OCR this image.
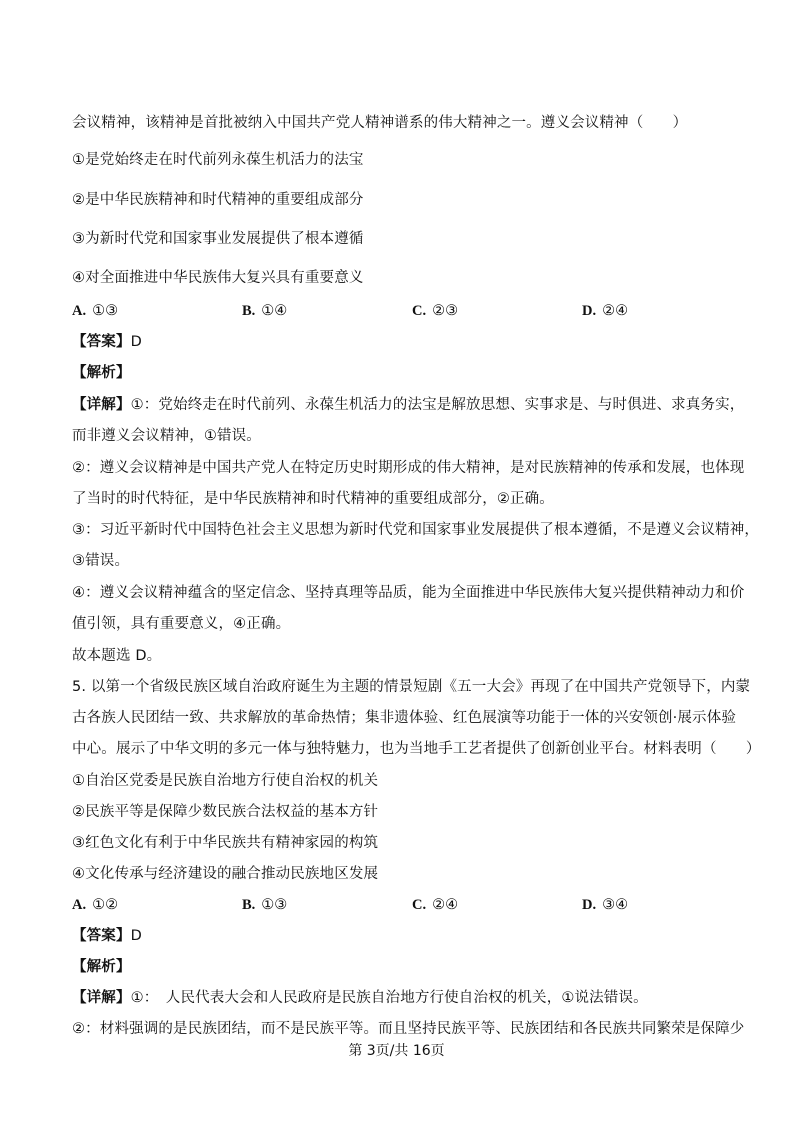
会议精神，该精神是首批被纳入中国共产党人精神谱系的伟大精神之一。遵义会议精神（　　）
①是党始终走在时代前列永葆生机活力的法宝
②是中华民族精神和时代精神的重要组成部分
③为新时代党和国家事业发展提供了根本遵循
④对全面推进中华民族伟大复兴具有重要意义
A. ①③	B. ①④	C. ②③	D. ②④
【答案】D
【解析】
【详解】①：党始终走在时代前列、永葆生机活力的法宝是解放思想、实事求是、与时俱进、求真务实，
而非遵义会议精神，①错误。
②：遵义会议精神是中国共产党人在特定历史时期形成的伟大精神，是对民族精神的传承和发展，也体现
了当时的时代特征，是中华民族精神和时代精神的重要组成部分，②正确。
③：习近平新时代中国特色社会主义思想为新时代党和国家事业发展提供了根本遵循，不是遵义会议精神，
③错误。
④：遵义会议精神蕴含的坚定信念、坚持真理等品质，能为全面推进中华民族伟大复兴提供精神动力和价
值引领，具有重要意义，④正确。
故本题选 D。
5. 以第一个省级民族区域自治政府诞生为主题的情景短剧《五一大会》再现了在中国共产党领导下，内蒙
古各族人民团结一致、共求解放的革命热情；集非遗体验、红色展演等功能于一体的兴安领创·展示体验
中心。展示了中华文明的多元一体与独特魅力，也为当地手工艺者提供了创新创业平台。材料表明（　　）
①自治区党委是民族自治地方行使自治权的机关
②民族平等是保障少数民族合法权益的基本方针
③红色文化有利于中华民族共有精神家园的构筑
④文化传承与经济建设的融合推动民族地区发展
A. ①②	B. ①③	C. ②④	D. ③④
【答案】D
【解析】
【详解】①：　人民代表大会和人民政府是民族自治地方行使自治权的机关，①说法错误。
②：材料强调的是民族团结，而不是民族平等。而且坚持民族平等、民族团结和各民族共同繁荣是保障少
第 3页/共 16页
